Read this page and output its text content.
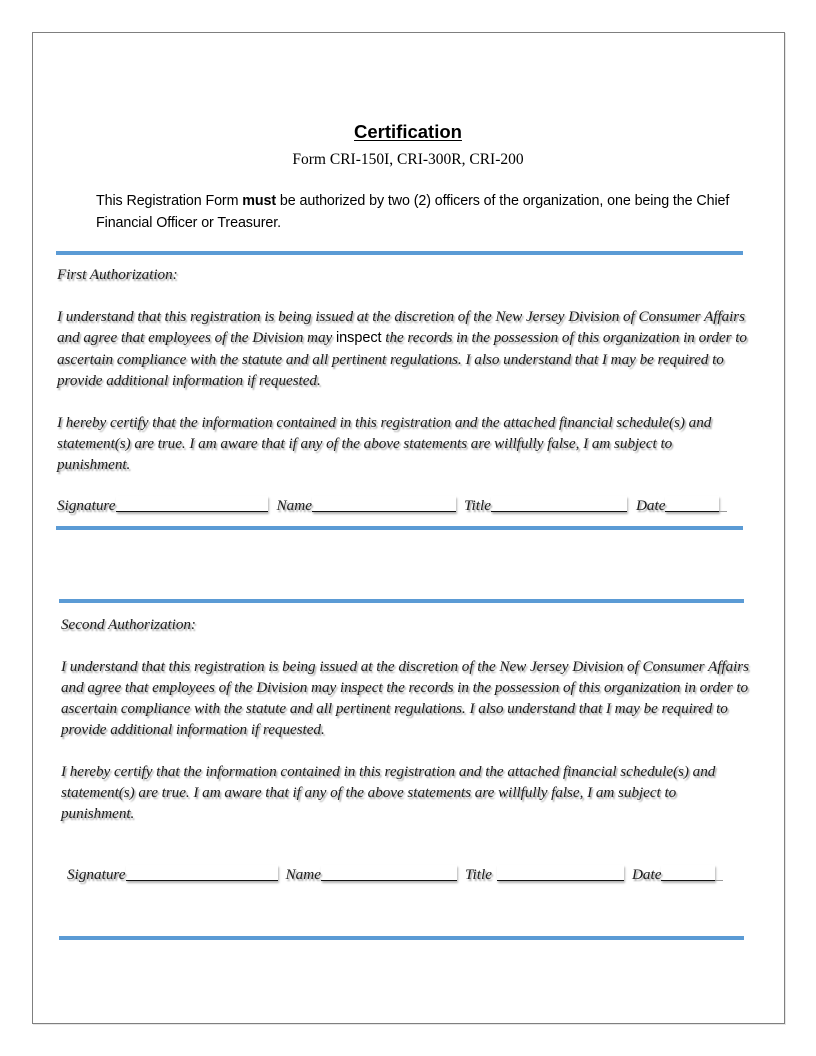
Certification
Form CRI-150I, CRI-300R, CRI-200
This Registration Form must be authorized by two (2) officers of the organization, one being the Chief Financial Officer or Treasurer.

First Authorization:

I understand that this registration is being issued at the discretion of the New Jersey Division of Consumer Affairs and agree that employees of the Division may inspect the records in the possession of this organization in order to ascertain compliance with the statute and all pertinent regulations. I also understand that I may be required to provide additional information if requested.

I hereby certify that the information contained in this registration and the attached financial schedule(s) and statement(s) are true. I am aware that if any of the above statements are willfully false, I am subject to punishment.

Signature	Name	Title	Date

Second Authorization:

I understand that this registration is being issued at the discretion of the New Jersey Division of Consumer Affairs and agree that employees of the Division may inspect the records in the possession of this organization in order to ascertain compliance with the statute and all pertinent regulations. I also understand that I may be required to provide additional information if requested.

I hereby certify that the information contained in this registration and the attached financial schedule(s) and statement(s) are true. I am aware that if any of the above statements are willfully false, I am subject to punishment.

Signature	Name	Title	Date
